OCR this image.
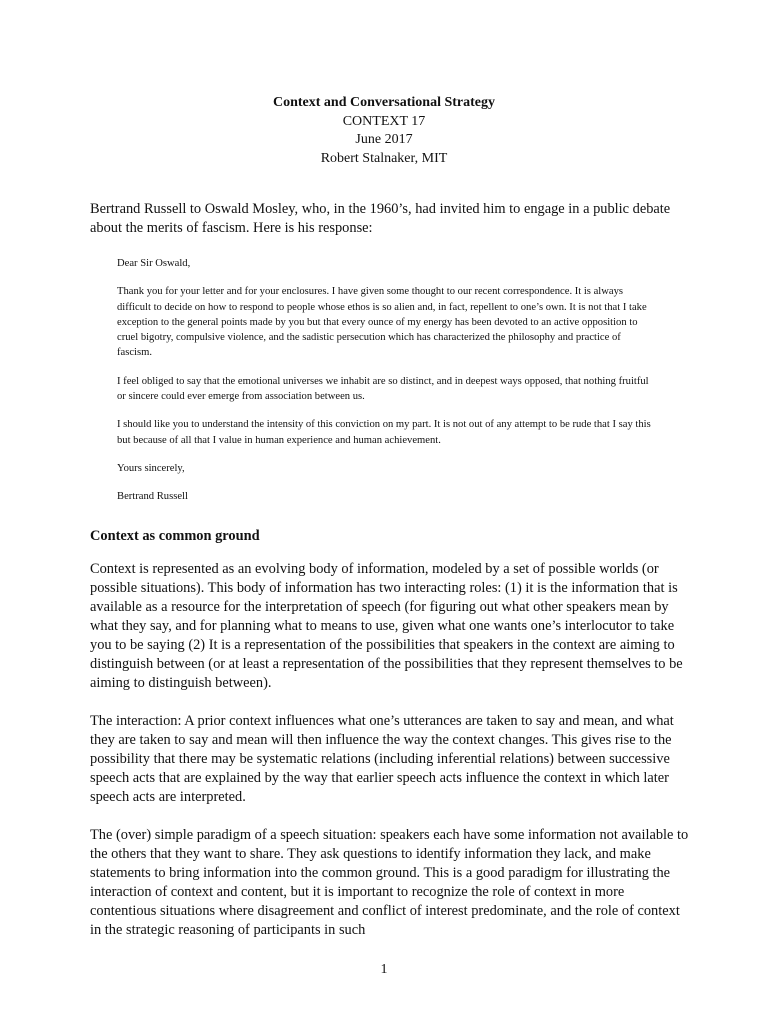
Context and Conversational Strategy
CONTEXT 17
June 2017
Robert Stalnaker, MIT
Bertrand Russell to Oswald Mosley, who, in the 1960’s, had invited him to engage in a public debate about the merits of fascism. Here is his response:

Dear Sir Oswald,

Thank you for your letter and for your enclosures. I have given some thought to our recent correspondence. It is always difficult to decide on how to respond to people whose ethos is so alien and, in fact, repellent to one’s own. It is not that I take exception to the general points made by you but that every ounce of my energy has been devoted to an active opposition to cruel bigotry, compulsive violence, and the sadistic persecution which has characterized the philosophy and practice of fascism.

I feel obliged to say that the emotional universes we inhabit are so distinct, and in deepest ways opposed, that nothing fruitful or sincere could ever emerge from association between us.

I should like you to understand the intensity of this conviction on my part. It is not out of any attempt to be rude that I say this but because of all that I value in human experience and human achievement.

Yours sincerely,

Bertrand Russell

Context as common ground

Context is represented as an evolving body of information, modeled by a set of possible worlds (or possible situations). This body of information has two interacting roles: (1) it is the information that is available as a resource for the interpretation of speech (for figuring out what other speakers mean by what they say, and for planning what to means to use, given what one wants one’s interlocutor to take you to be saying (2) It is a representation of the possibilities that speakers in the context are aiming to distinguish between (or at least a representation of the possibilities that they represent themselves to be aiming to distinguish between).

The interaction: A prior context influences what one’s utterances are taken to say and mean, and what they are taken to say and mean will then influence the way the context changes. This gives rise to the possibility that there may be systematic relations (including inferential relations) between successive speech acts that are explained by the way that earlier speech acts influence the context in which later speech acts are interpreted.

The (over) simple paradigm of a speech situation: speakers each have some information not available to the others that they want to share. They ask questions to identify information they lack, and make statements to bring information into the common ground. This is a good paradigm for illustrating the interaction of context and content, but it is important to recognize the role of context in more contentious situations where disagreement and conflict of interest predominate, and the role of context in the strategic reasoning of participants in such

1
